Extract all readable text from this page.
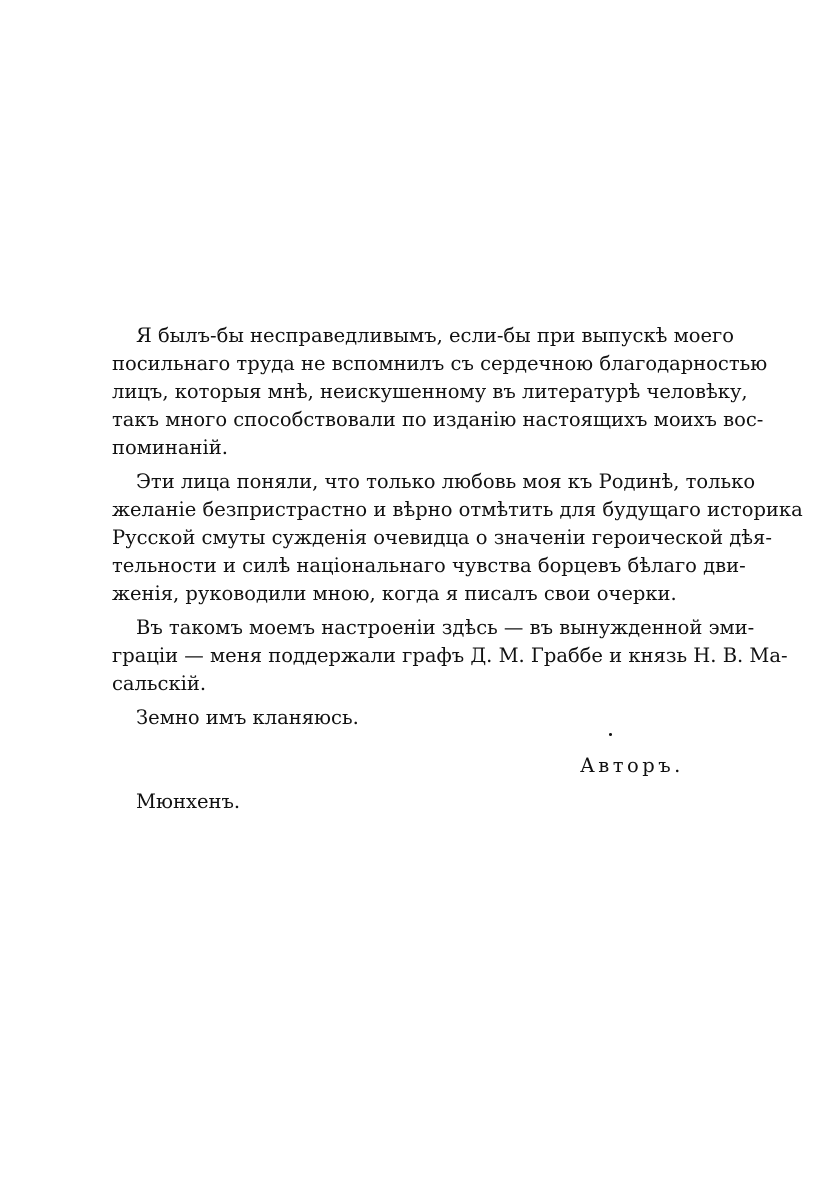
Я былъ-бы несправедливымъ, если-бы при выпускѣ моего
посильнаго труда не вспомнилъ съ сердечною благодарностью
лицъ, которыя мнѣ, неискушенному въ литературѣ человѣку,
такъ много способствовали по изданію настоящихъ моихъ вос-
поминаній.
Эти лица поняли, что только любовь моя къ Родинѣ, только
желаніе безпристрастно и вѣрно отмѣтить для будущаго историка
Русской смуты сужденія очевидца о значеніи героической дѣя-
тельности и силѣ національнаго чувства борцевъ бѣлаго дви-
женія, руководили мною, когда я писалъ свои очерки.
Въ такомъ моемъ настроеніи здѣсь — въ вынужденной эми-
граціи — меня поддержали графъ Д. М. Граббе и князь Н. В. Ма-
сальскій.
Земно имъ кланяюсь.
Авторъ.
Мюнхенъ.
